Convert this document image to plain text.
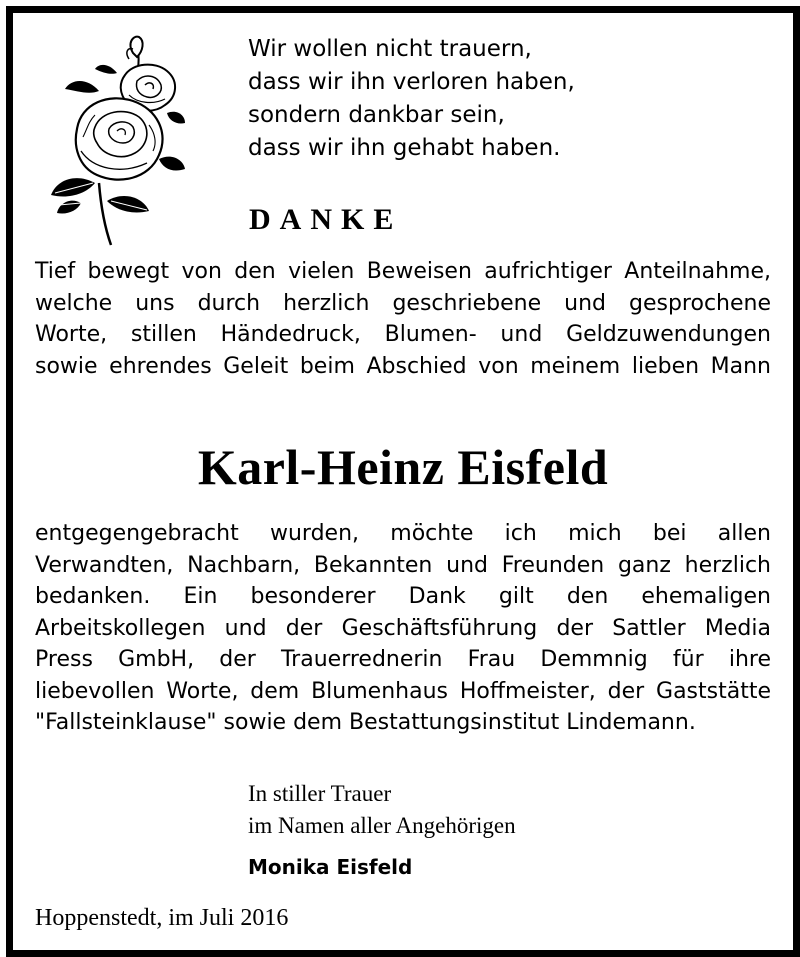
Wir wollen nicht trauern,
dass wir ihn verloren haben,
sondern dankbar sein,
dass wir ihn gehabt haben.
DANKE
Tief bewegt von den vielen Beweisen aufrichtiger Anteilnahme,
welche uns durch herzlich geschriebene und gesprochene
Worte, stillen Händedruck, Blumen- und Geldzuwendungen
sowie ehrendes Geleit beim Abschied von meinem lieben Mann
Karl-Heinz Eisfeld
entgegengebracht wurden, möchte ich mich bei allen
Verwandten, Nachbarn, Bekannten und Freunden ganz herzlich
bedanken. Ein besonderer Dank gilt den ehemaligen
Arbeitskollegen und der Geschäftsführung der Sattler Media
Press GmbH, der Trauerrednerin Frau Demmnig für ihre
liebevollen Worte, dem Blumenhaus Hoffmeister, der Gaststätte
"Fallsteinklause" sowie dem Bestattungsinstitut Lindemann.
In stiller Trauer
im Namen aller Angehörigen
Monika Eisfeld
Hoppenstedt, im Juli 2016
